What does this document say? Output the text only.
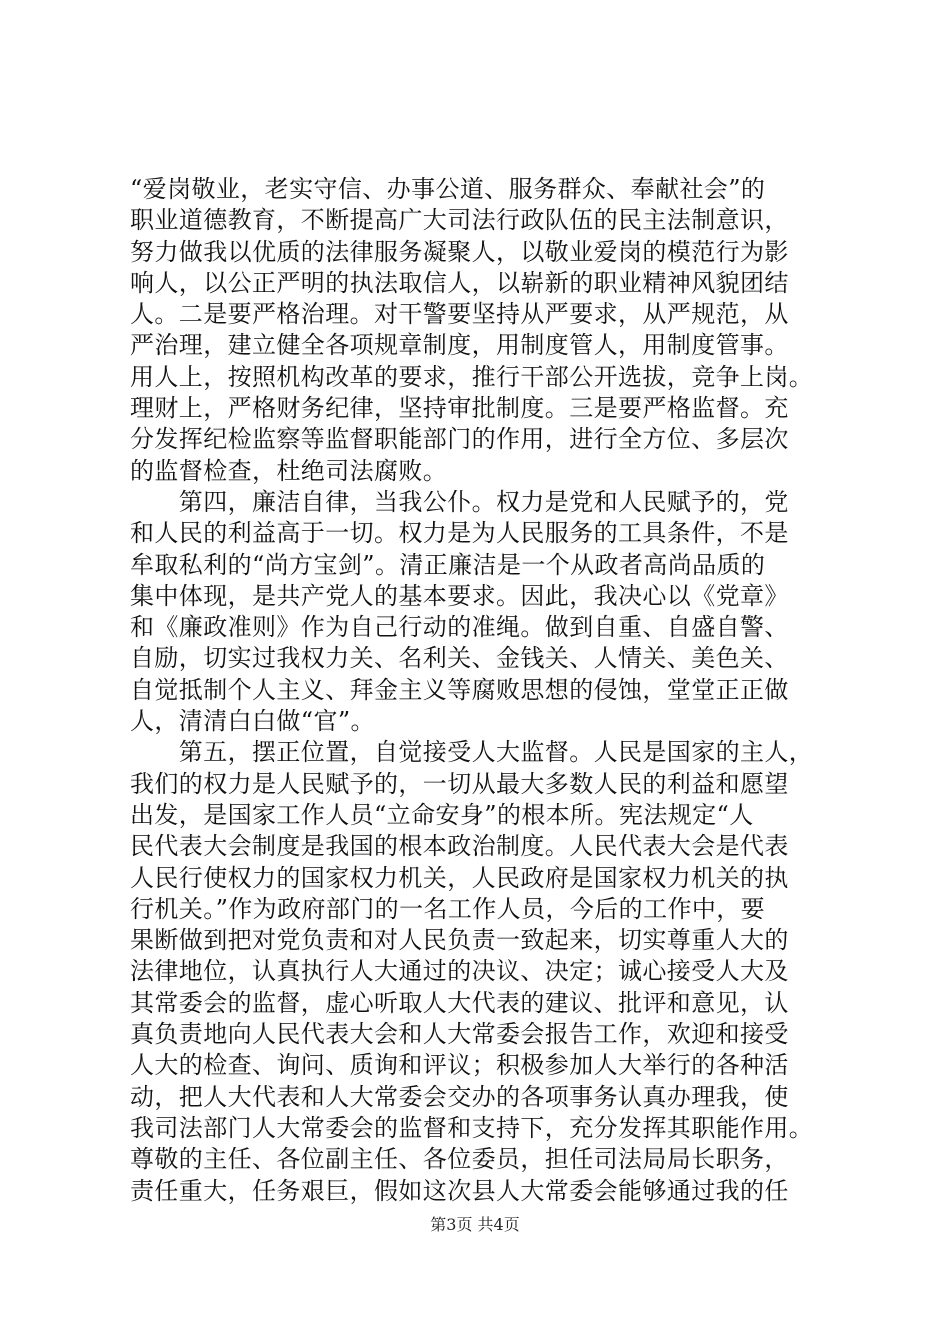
“爱岗敬业，老实守信、办事公道、服务群众、奉献社会”的
职业道德教育，不断提高广大司法行政队伍的民主法制意识，
努力做我以优质的法律服务凝聚人，以敬业爱岗的模范行为影
响人，以公正严明的执法取信人，以崭新的职业精神风貌团结
人。二是要严格治理。对干警要坚持从严要求，从严规范，从
严治理，建立健全各项规章制度，用制度管人，用制度管事。
用人上，按照机构改革的要求，推行干部公开选拔，竞争上岗。
理财上，严格财务纪律，坚持审批制度。三是要严格监督。充
分发挥纪检监察等监督职能部门的作用，进行全方位、多层次
的监督检查，杜绝司法腐败。
　　第四，廉洁自律，当我公仆。权力是党和人民赋予的，党
和人民的利益高于一切。权力是为人民服务的工具条件，不是
牟取私利的“尚方宝剑”。清正廉洁是一个从政者高尚品质的
集中体现，是共产党人的基本要求。因此，我决心以《党章》
和《廉政准则》作为自己行动的准绳。做到自重、自盛自警、
自励，切实过我权力关、名利关、金钱关、人情关、美色关、
自觉抵制个人主义、拜金主义等腐败思想的侵蚀，堂堂正正做
人，清清白白做“官”。
　　第五，摆正位置，自觉接受人大监督。人民是国家的主人，
我们的权力是人民赋予的，一切从最大多数人民的利益和愿望
出发，是国家工作人员“立命安身”的根本所。宪法规定“人
民代表大会制度是我国的根本政治制度。人民代表大会是代表
人民行使权力的国家权力机关，人民政府是国家权力机关的执
行机关。”作为政府部门的一名工作人员，今后的工作中，要
果断做到把对党负责和对人民负责一致起来，切实尊重人大的
法律地位，认真执行人大通过的决议、决定；诚心接受人大及
其常委会的监督，虚心听取人大代表的建议、批评和意见，认
真负责地向人民代表大会和人大常委会报告工作，欢迎和接受
人大的检查、询问、质询和评议；积极参加人大举行的各种活
动，把人大代表和人大常委会交办的各项事务认真办理我，使
我司法部门人大常委会的监督和支持下，充分发挥其职能作用。
尊敬的主任、各位副主任、各位委员，担任司法局局长职务，
责任重大，任务艰巨，假如这次县人大常委会能够通过我的任
第3页 共4页
